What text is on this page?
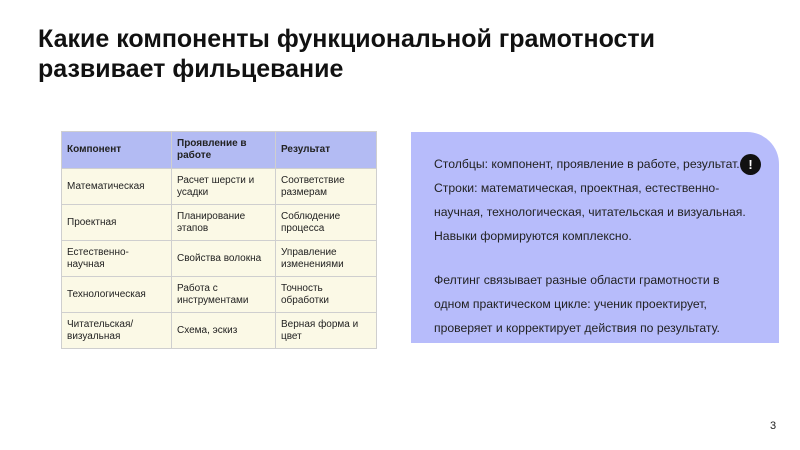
Какие компоненты функциональной грамотности
развивает фильцевание
Компонент	Проявление в работе	Результат
Математическая	Расчет шерсти и усадки	Соответствие размерам
Проектная	Планирование этапов	Соблюдение процесса
Естественно-научная	Свойства волокна	Управление изменениями
Технологическая	Работа с инструментами	Точность обработки
Читательская/ визуальная	Схема, эскиз	Верная форма и цвет
Столбцы: компонент, проявление в работе, результат.
Строки: математическая, проектная, естественно-
научная, технологическая, читательская и визуальная.
Навыки формируются комплексно.
Фелтинг связывает разные области грамотности в
одном практическом цикле: ученик проектирует,
проверяет и корректирует действия по результату.
!
3
